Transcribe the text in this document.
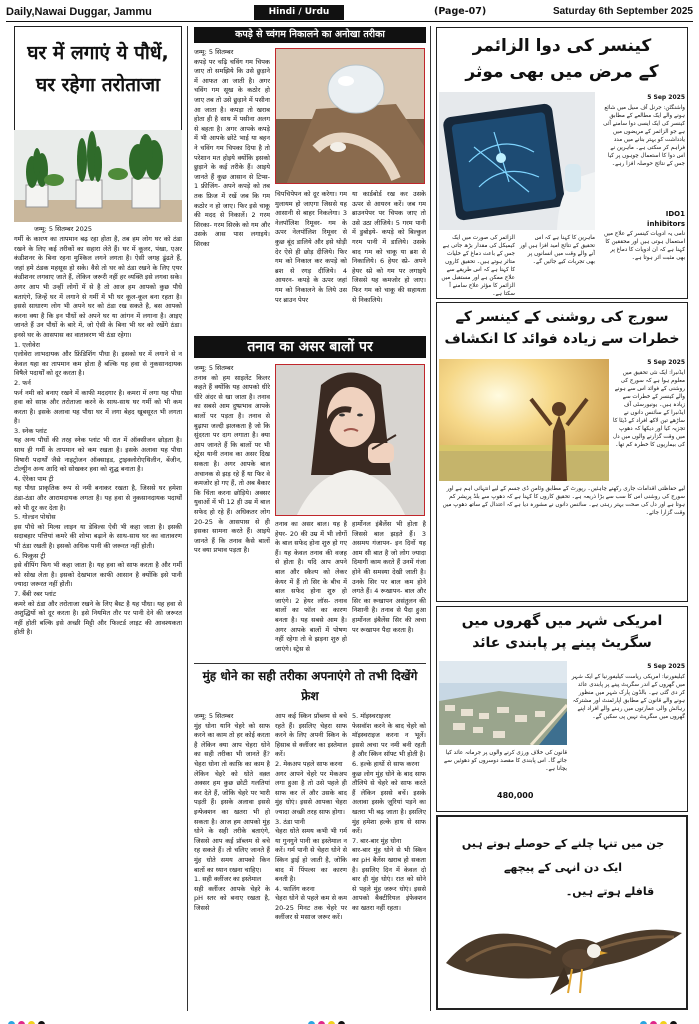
Daily,Nawai Duggar, Jammu	Hindi / Urdu	(Page-07)	Saturday 6th September 2025
घर में लगाएं ये पौधें, घर रहेगा तरोताजा
जम्मू: 5 सितम्बर 2025
गर्मी के कारण का तापमान बढ़ रहा होता है, तब हम लोग घर को ठंडा रखने के लिए कई तरीकों का सहारा लेते हैं। घर में कूलर, पंखा, एअर कंडीशनर के बिना रहना मुश्किल लगने लगता है। ऐसी जगह ढूंढते हैं, जहां हमे ठंडक महसूस हो सके। वैसे तो घर को ठंडा रखने के लिए एयर कंडीशनर लगवाए जाते हैं, लेकिन जरूरी नहीं हर व्यक्ति इसे लगवा सके। अगर आप भी उन्हीं लोगों में से है तो आज हम आपको कुछ पौधे बताएंगे, जिन्हें घर में लगाने से गर्मी में भी घर कूल-कूल बना रहता है। इससे साधारण लोग भी अपने घर को ठंडा रख सकते है, बस आपको करना क्या है कि इन पौधों को अपने घर या आंगन में लगाना है। आइए जानते हैं उन पौधों के बारे में, जो ऐसी के बिना भी घर को रखेंगे ठंडा। इनसे घर के आसपास का वातावरण भी ठंडा रहेगा।
1. एलोवेरा
एलोवेरा लाभदायक और फ्रिंडिशिंग पौधा है। इसको घर में लगाने से न केवल यहा का तापमान कम होता है बल्कि यह हवा से नुकसानदायक विषैले पदार्थों को दूर करता है।
2. फर्न
फर्न नमी को बनाए रखने में काफी मददगार है। कमरा में लगा यह पौधा हवा को साफ़ और तरोताजा करने के साथ-साथ घर गर्मी को भी कम करता है। इसके अलावा यह पौधा घर में लगा बेहद खूबसूरत भी लगता है।
3. स्नेक प्लांट
यह अन्य पौधों की तरह स्नेक प्लांट भी रात में ऑक्सीजन छोड़ता है। साथ ही गर्मी के तापमान को कम रखता है। इसके अलावा यह पौधा विषारी पदार्थों जैसे नाइट्रोजन ऑक्साइड, ट्राइक्लोरोएथिलीन, बेंजीन, टोल्यूीन अन्य आदि को सोखकर हवा को शुद्ध बनाता है।
4. ऐरेका पाम ट्री
यह पौधा प्राकृतिक रूप से नमी बनाकर रखता है, जिससे घर हमेशा ठंडा-ठंडा और आरामदायक लगता है। यह हवा से नुकसानदायक पदार्थों को भी दूर कर देता है।
5. गोल्डन पोथोस
इस पौधे को मिल्स लाइन या डेविल्स ऐवी भी कहा जाता है। इसकी सदाबहार पत्तियां कमरे की शोभा बढ़ाने के साथ-साथ घर का वातावरण भी ठंडा रखती है। इसको अधिक पानी की जरूरत नहीं होती।
6. फिकुस ट्री
इसे वीपिंग फिग भी कहा जाता है। यह हवा को साफ करता है और गर्मी को सोख लेता है। इसको देखभाल काफी आसान है क्योंकि इसे पानी ज्यादा जरूरत नहीं होती।
7. बैंबी रबर प्लांट
कमरे को ठंडा और तरोताजा रखने के लिए बैस्ट है यह पौधा। यह हवा से अशुद्धियों को दूर करता है। इसे नियमित तौर पर पानी देने की जरूरत नहीं होती बल्कि इसे अच्छी मिट्टी और फिल्टर्ड लाइट की आवश्यकता होती है।
कपड़े से च्वंगम निकालने का अनोखा तरीका
जम्मू: 5 सितम्बर
कपड़े पर चढ़ि चविंग गम चिपक जाए तो समझिये कि उसे छुड़ाने में आफत आ जाती है। अगर चविंग गम सूख के कठोर हो जाए तब तो उसे छुड़ाने में पसीना आ जाता है। कपड़ा तो खराब होता ही है साथ में पसीना अलग से बहता है। अगर आपके कपड़े में भी आपके छोटे भाई या बहन ने चविंग गम चिपका दिया है तो परेशान मत होइये क्योंकि इसको छुड़ाने के कई तरीके हैं। आइये जानते हैं कुछ आसान से टिप्स- 1 फ्रीजिंग- अपने कपड़े को तब तक फ्रिज में रखें जब कि गम कठोर न हो जाए। फिर इसे चाकू की मदद से निकालें। 2 गरम सिरका- गरम सिरके को गम और उसके आस पास लगाइये। सिरका
चिपचिपेपन को दूर करेगा। गम मुलायम हो जाएगा जिससे यह आसानी से बाहर निकलेगा। 3 नेलपॉलिश रिमूवर- गम के ऊपर नेलपॉलिश रिमूवर से कुछ बूंद डालिये और इसे थोड़ी देर ऐसे ही छोड़ दीजिये। फिर गम को निकाल कर कपड़े को ब्रश से रगड़ दीजिये। 4 आयरन- कपड़े के ऊपर जहां गम को निकालने के लिये उस पर ब्राउन पेपर
या कार्डबोर्ड रख कर उसके ऊपर से आयरन करें। जब गम ब्राउनपेपर पर चिपक जाए तो उसे उठा लीजिये। 5 गरम पानी में डुबोइये- कपड़े को बिल्कुल गरम पानी में डालिये। उसके बाद गम को चाकू या ब्रश से निकालिये। 6 हेयर स्प्रे- अपने हेयर स्प्रे को गम पर लगाइये जिससे यह कमजोर हो जाए। फिर गम को चाकू की सहायता से निकालिये।
तनाव का असर बालों पर
जम्मू: 5 सितम्बर
तनाव को हम साइलेंट किलर कहते हैं क्योंकि यह आपको धीरे धीरे अंदर से खा जाता है। तनाव का सबसे आम दुष्प्रभाव आपके बालों पर पड़ता है। तनाव से बुढ़ापा जल्दी झलकता है जो कि सुंदरता पर दाग लगाता है। क्या आप जानते हैं कि बालों पर भी स्ट्रेस यानी तनाव का असर दिख सकता है। अगर आपके बाल अचानक से झड़ रहे हैं या फिर वे कमजोर हो गए हैं, तो अब बैकार कि चिंता करना छोड़िये। अक्सर युवाओं में भी 12 ही उम्र में बाल सफेद हो रहे हैं। अधिकतर लोग 20-25 के आसपास से ही इसका सामना करते हैं। आइये जानते हैं कि तनाव कैसे बालों पर क्या प्रभाव पड़ता है।
तनाव का असर बाल। यह है हेयर- 20 की उम्र में भी लोगों के बाल सफेद होना शुरु हो गए हैं। यह केवल तनाव की वजह से होता है। यदि आप अपने बाल और स्कैल्प को लेकर केयर में हैं तो सिर के बीच में बाल सफेद होना शुरु हो जाएंगे। 2 हेयर लॉस- तनाव बालों का फॉल का कारण बनता है। यह सबसे आम है। अगर आपके बालों में पोषण नहीं रहेगा तो वे झड़ना शुरु हो जाएंगे। स्ट्रेस से
हार्मोनल इंबैलेंस भी होता है जिससे बाल झड़ते हैं। 3 असमय गंजापन- इन दिनों यह आम सी बात है जो लोग ज्यादा दिमागी काम करते हैं उनमें गंजा होने की समस्या देखी जाती है। उनके सिर पर बाल कम होने लगते हैं। 4 रूखापन- बाल और सिर का रूखापन असंतुलन की निशानी है। तनाव से पैदा हुआ हार्मोनल इंबैलेंस सिर की त्वचा पर रूखापन पैदा करता है।
मुंह धोने का सही तरीका अपनाएंगे तो तभी दिखेंगे फ्रेश
जम्मू: 5 सितम्बर
मुंह धोना यानि चेहरे को साफ करने का काम तो हर कोई करता है लेकिन क्या आप चेहरा धोने का सही तरीका भी जानते हैं? चेहरा धोना तो काफ़ि का काम है लेकिन चेहरे को धोते वक़्त अक्सर हम कुछ छोटी गलतियां कर देते हैं, जोकि चेहरे पर भारी पड़ती हैं। इसके अलावा इससे इन्फेक्शन का खतरा भी हो सकता है। आज हम आपको मुंह धोने के सही तरीके बताएंगे, जिससे आप कई प्रॉब्लम से बचे रह सकते हैं। तो चलिए जानते हैं मुंह धोते समय आपको किन बातों का ध्यान रखना चाहिए।
1. सही क्लींजर का इस्तेमाल
सही क्लींजर आपके चेहरे के pH स्तर को बनाए रखता है, जिससे
आप कई स्किन प्रॉब्लम से बचे रहते हैं। इसलिए चेहरा साफ करने के लिए अपनी स्किन के हिसाब से क्लींजर का इस्तेमाल करें।
2. मेकअप पहले साफ करना
अगर आपने चेहरे पर मेकअप लगा हुआ है तो उसे पहले ही साफ कर लें और उसके बाद मुंह धोएं। इससे आपका चेहरा ज्यादा अच्छी तरह साफ होगा।
3. ठंडा पानी
चेहरा धोते समय कभी भी गर्म या गुनगुने पानी का इस्तेमाल न करें। गर्म पानी से चेहरा धोने से स्किन ड्राई हो जाती है, जोकि बाद में पिंपल्स का कारण बनती है।
4. फालिंग करना
चेहरा धोने से पहले कम से कम 20-25 मिनट तक चेहरे पर क्लींजर से मसाज जरूर करें।
5. मॉइस्चराइजर
फेसवॉश करने के बाद चेहरे को मॉइस्चराइज करना न भूलें। इससे त्वचा पर नमी बनी रहती है और स्किन सॉफ्ट भी होती है।
6. हल्के हाथों से साफ करना
कुछ लोग मुंह धोने के बाद साफ तौलिये से चेहरे को साफ करते हैं लेकिन इससे बचें। इसके अलावा इसके ज़ूरियां पड़ने का खतरा भी बढ़ जाता है। इसलिए मुंह हमेशा हल्के हाथ से साफ करें।
7. बार-बार मुंह धोना
बार-बार मुंह धोने से भी स्किन का pH बैलेंस खराब हो सकता है। इसलिए दिन में केवल दो बार ही मुंह धोएं। रात को सोने से पहले मुंह जरूर धोएं। इससे आपको बैक्टीरियल इंफेक्शन का खतरा नहीं रहता।
کینسر کی دوا الزائمر
کے مرض میں بھی موثر
5 Sep 2025
واشنگٹن: جرنل آف سیل میں شائع ہونے والے ایک مطالعے کے مطابق کینسر کی ایک ایسی دوا سامنے آئی ہے جو الزائمر کے مریضوں میں یادداشت کو بہتر بنانے میں مدد فراہم کر سکتی ہے۔ ماہرین نے اس دوا کا استعمال چوہوں پر کیا جس کے نتائج حوصلہ افزا رہے۔
IDO1
inhibitors
نامی یہ ادویات کینسر کے علاج میں استعمال ہوتی ہیں اور محققین کا کہنا ہے کہ ان ادویات کا دماغ پر بھی مثبت اثر ہوتا ہے۔
الزائمر کی صورت میں ایک کیمیکل کی مقدار بڑھ جاتی ہے جس کے باعث دماغ کے خلیات متاثر ہوتے ہیں۔ تحقیق کاروں کا کہنا ہے کہ اس طریقے سے علاج ممکن ہے اور مستقبل میں الزائمر کا مؤثر علاج سامنے آ سکتا ہے۔
ماہرین کا کہنا ہے کہ اس تحقیق کے نتائج امید افزا ہیں اور آنے والے وقت میں انسانوں پر بھی تجربات کیے جائیں گے۔
سورج کی روشنی کے کینسر کے
خطرات سے زیادہ فوائد کا انکشاف
5 Sep 2025
ایڈنبرا: ایک نئی تحقیق میں معلوم ہوا ہے کہ سورج کی روشنی کے فوائد اس سے ہونے والے کینسر کے خطرات سے زیادہ ہیں۔ یونیورسٹی آف ایڈنبرا کے سائنس دانوں نے ساڑھے تین لاکھ افراد کے ڈیٹا کا تجزیہ کیا اور دیکھا کہ دھوپ میں وقت گزارنے والوں میں دل کی بیماریوں کا خطرہ کم تھا۔
لیے حفاظتی اقدامات جاری رکھنے چاہئیں۔ رپورٹ کے مطابق وٹامن ڈی جسم کے لیے انتہائی اہم ہے اور سورج کی روشنی اس کا سب سے بڑا ذریعہ ہے۔ تحقیق کاروں کا کہنا ہے کہ دھوپ سے بلڈ پریشر کم ہوتا ہے اور دل کی صحت بہتر رہتی ہے۔ سائنس دانوں نے مشورہ دیا ہے کہ اعتدال کے ساتھ دھوپ میں وقت گزارا جائے۔
امریکی شہر میں گھروں میں
سگریٹ پینے پر پابندی عائد
5 Sep 2025
کیلیفورنیا: امریکی ریاست کیلیفورنیا کے ایک شہر میں گھروں کے اندر سگریٹ پینے پر پابندی عائد کر دی گئی ہے۔ بالڈون پارک شہر میں منظور ہونے والے قانون کے مطابق اپارٹمنٹ اور مشترکہ رہائش والی عمارتوں میں رہنے والے افراد اپنے گھروں میں سگریٹ نہیں پی سکیں گے۔
قانون کی خلاف ورزی کرنے والوں پر جرمانہ عائد کیا جائے گا۔ اس پابندی کا مقصد دوسروں کو دھوئیں سے بچانا ہے۔
480,000
جن میں تنہا چلنے کے حوصلے ہوتے ہیں
ایک دن انہی کے پیچھے
قافلے ہوتے ہیں۔
